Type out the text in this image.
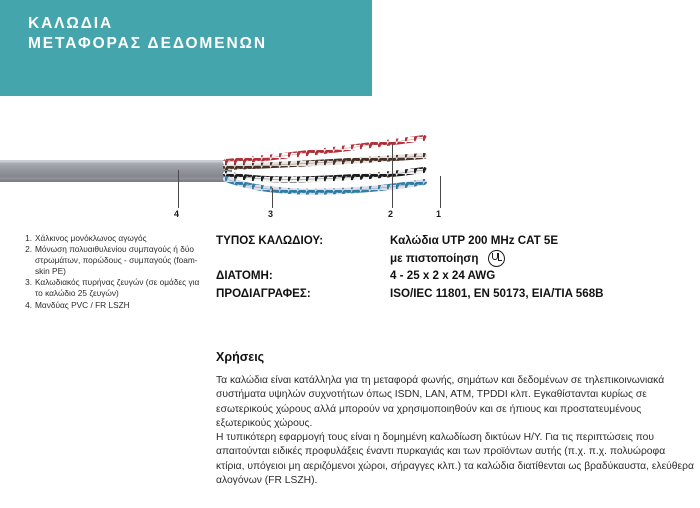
ΚΑΛΩΔΙΑ
ΜΕΤΑΦΟΡΑΣ ΔΕΔΟΜΕΝΩΝ
4	3	2	1
1. Χάλκινος μονόκλωνος αγωγός
2. Μόνωση πολυαιθυλενίου συμπαγούς ή δύο στρωμάτων, πορώδους - συμπαγούς (foam-skin PE)
3. Καλωδιακός πυρήνας ζευγών (σε ομάδες για το καλώδιο 25 ζευγών)
4. Μανδύας PVC / FR LSZH
ΤΥΠΟΣ ΚΑΛΩΔΙΟΥ:	Καλώδια UTP 200 MHz CAT 5E

με πιστοποίηση
ΔΙΑΤΟΜΗ:	4 - 25 x 2 x 24 AWG
ΠΡΟΔΙΑΓΡΑΦΕΣ:	ISO/IEC 11801, EN 50173, EIA/TIA 568B
Χρήσεις

Τα καλώδια είναι κατάλληλα για τη μεταφορά φωνής, σημάτων και δεδομένων σε τηλεπικοινωνιακά συστήματα υψηλών συχνοτήτων όπως ISDN, LAN, ATM, TPDDI κλπ. Εγκαθίστανται κυρίως σε εσωτερικούς χώρους αλλά μπορούν να χρησιμοποιηθούν και σε ήπιους και προστατευμένους εξωτερικούς χώρους.

Η τυπικότερη εφαρμογή τους είναι η δομημένη καλωδίωση δικτύων Η/Υ. Για τις περιπτώσεις που απαιτούνται ειδικές προφυλάξεις έναντι πυρκαγιάς και των προϊόντων αυτής (π.χ. π.χ. πολυώροφα κτίρια, υπόγειοι μη αεριζόμενοι χώροι, σήραγγες κλπ.) τα καλώδια διατίθενται ως βραδύκαυστα, ελεύθερα αλογόνων (FR LSZH).
